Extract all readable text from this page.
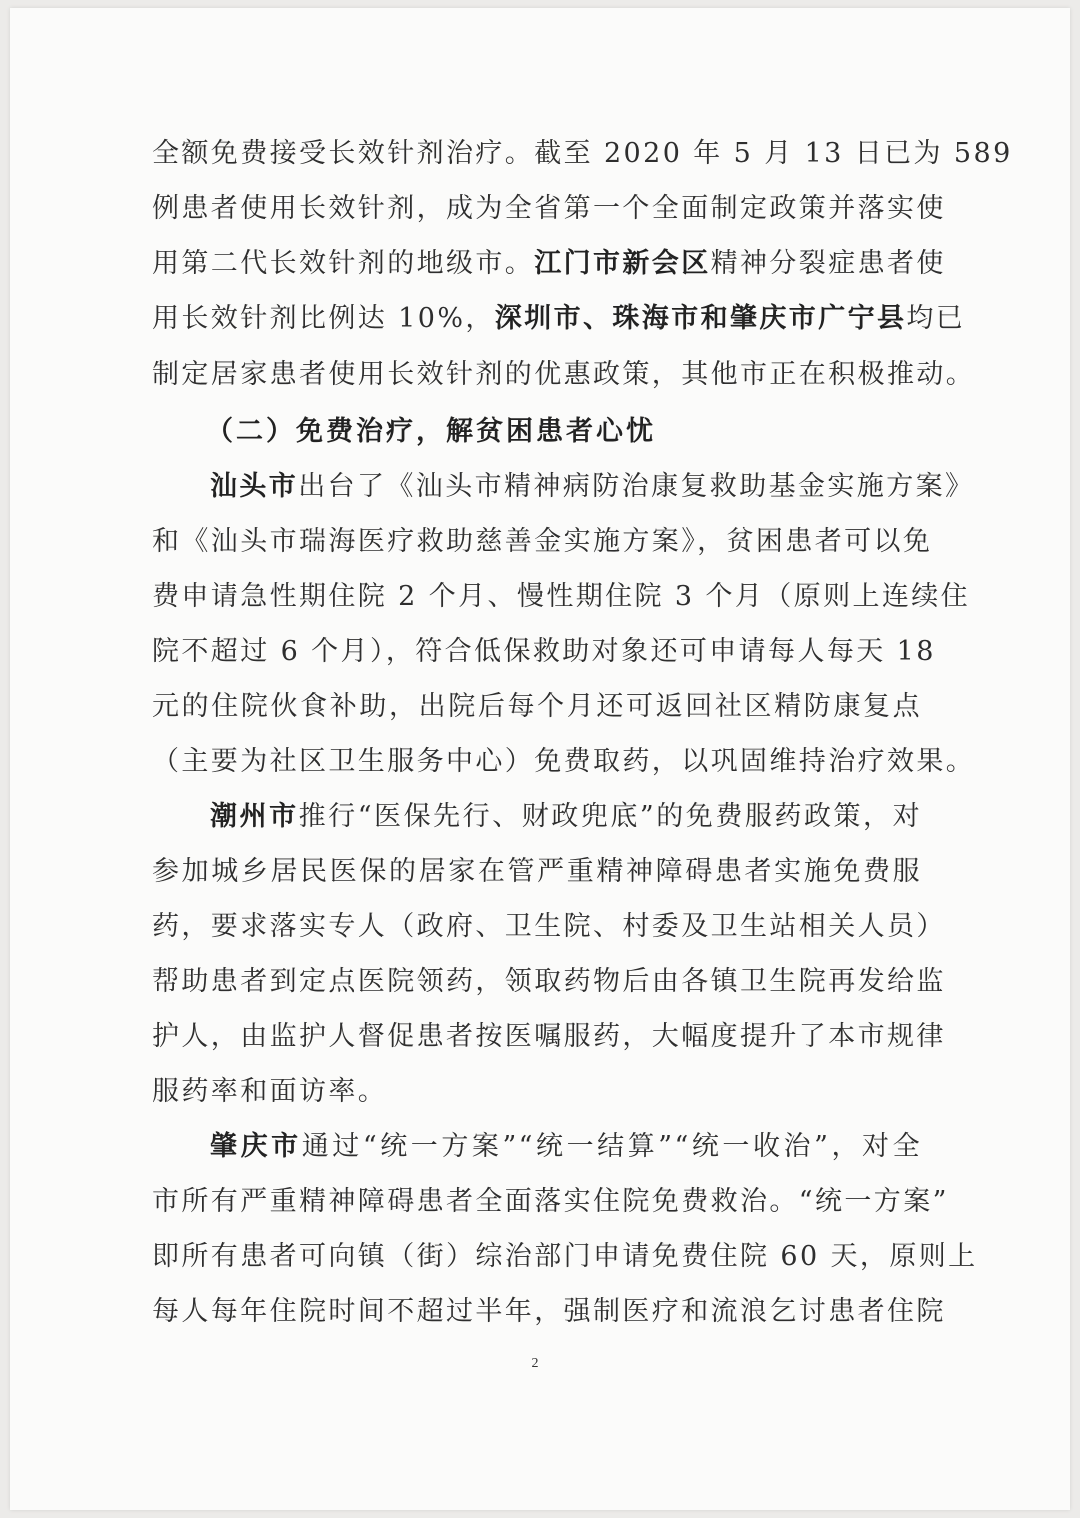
全额免费接受长效针剂治疗。截至 2020 年 5 月 13 日已为 589
例患者使用长效针剂，成为全省第一个全面制定政策并落实使
用第二代长效针剂的地级市。江门市新会区精神分裂症患者使
用长效针剂比例达 10%，深圳市、珠海市和肇庆市广宁县均已
制定居家患者使用长效针剂的优惠政策，其他市正在积极推动。
（二）免费治疗，解贫困患者心忧
汕头市出台了《汕头市精神病防治康复救助基金实施方案》
和《汕头市瑞海医疗救助慈善金实施方案》，贫困患者可以免
费申请急性期住院 2 个月、慢性期住院 3 个月（原则上连续住
院不超过 6 个月），符合低保救助对象还可申请每人每天 18
元的住院伙食补助，出院后每个月还可返回社区精防康复点
（主要为社区卫生服务中心）免费取药，以巩固维持治疗效果。
潮州市推行“医保先行、财政兜底”的免费服药政策，对
参加城乡居民医保的居家在管严重精神障碍患者实施免费服
药，要求落实专人（政府、卫生院、村委及卫生站相关人员）
帮助患者到定点医院领药，领取药物后由各镇卫生院再发给监
护人，由监护人督促患者按医嘱服药，大幅度提升了本市规律
服药率和面访率。
肇庆市通过“统一方案”“统一结算”“统一收治”，对全
市所有严重精神障碍患者全面落实住院免费救治。“统一方案”
即所有患者可向镇（街）综治部门申请免费住院 60 天，原则上
每人每年住院时间不超过半年，强制医疗和流浪乞讨患者住院
2
